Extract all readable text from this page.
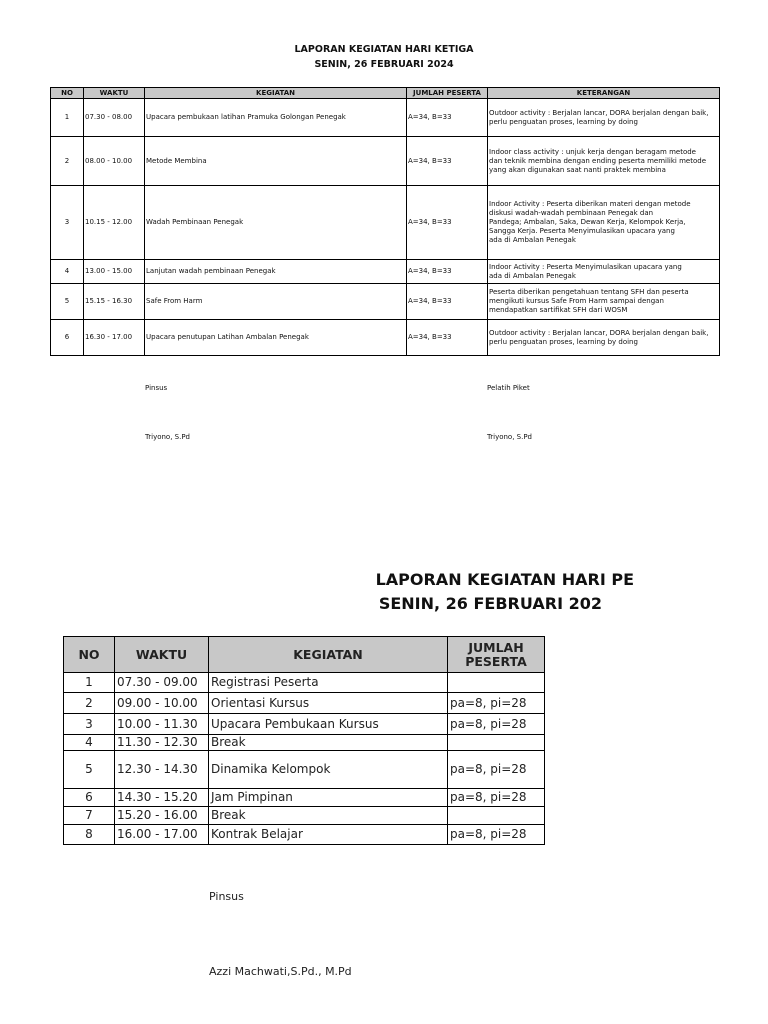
LAPORAN KEGIATAN HARI KETIGA
SENIN, 26 FEBRUARI 2024
NO	WAKTU	KEGIATAN	JUMLAH PESERTA	KETERANGAN
1	07.30 - 08.00	Upacara pembukaan latihan Pramuka Golongan Penegak	A=34, B=33	Outdoor activity : Berjalan lancar, DORA berjalan dengan baik,
perlu penguatan proses, learning by doing

2	08.00 - 10.00	Metode Membina	A=34, B=33	Indoor class activity : unjuk kerja dengan beragam metode
dan teknik membina dengan ending peserta memiliki metode
yang akan digunakan saat nanti praktek membina

3	10.15 - 12.00	Wadah Pembinaan Penegak	A=34, B=33	Indoor Activity : Peserta diberikan materi dengan metode
diskusi wadah-wadah pembinaan Penegak dan
Pandega; Ambalan, Saka, Dewan Kerja, Kelompok Kerja,
Sangga Kerja. Peserta Menyimulasikan upacara yang
ada di Ambalan Penegak

4	13.00 - 15.00	Lanjutan wadah pembinaan Penegak	A=34, B=33	Indoor Activity : Peserta Menyimulasikan upacara yang
ada di Ambalan Penegak

5	15.15 - 16.30	Safe From Harm	A=34, B=33	Peserta diberikan pengetahuan tentang SFH dan peserta
mengikuti kursus Safe From Harm sampai dengan
mendapatkan sartifikat SFH dari WOSM

6	16.30 - 17.00	Upacara penutupan Latihan Ambalan Penegak	A=34, B=33	Outdoor activity : Berjalan lancar, DORA berjalan dengan baik,
perlu penguatan proses, learning by doing
Pinsus	Pelatih Piket
Triyono, S.Pd	Triyono, S.Pd
LAPORAN KEGIATAN HARI PE
SENIN, 26 FEBRUARI 202
NO	WAKTU	KEGIATAN	JUMLAH
PESERTA

1	07.30 - 09.00	Registrasi Peserta	
2	09.00 - 10.00	Orientasi Kursus	pa=8, pi=28
3	10.00 - 11.30	Upacara Pembukaan Kursus	pa=8, pi=28
4	11.30 - 12.30	Break	
5	12.30 - 14.30	Dinamika Kelompok	pa=8, pi=28
6	14.30 - 15.20	Jam Pimpinan	pa=8, pi=28
7	15.20 - 16.00	Break	
8	16.00 - 17.00	Kontrak Belajar	pa=8, pi=28
Pinsus
Azzi Machwati,S.Pd., M.Pd
